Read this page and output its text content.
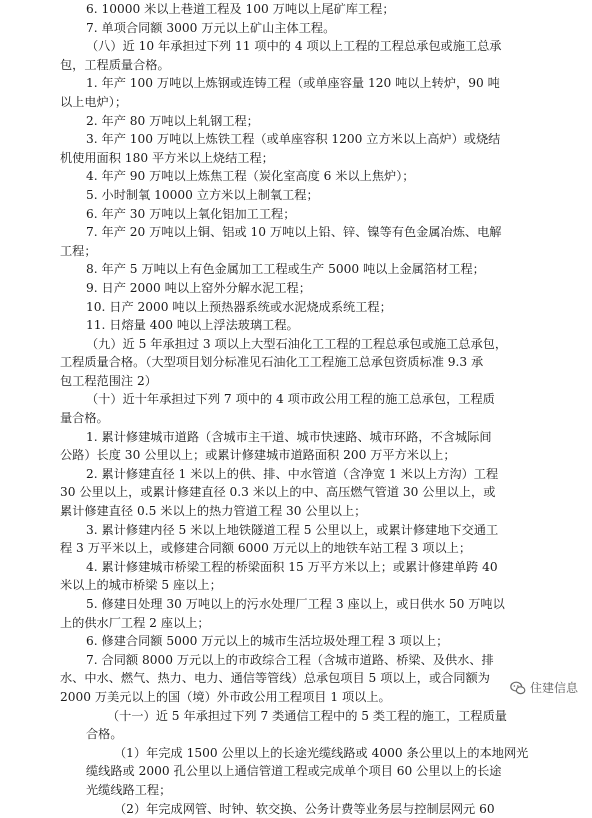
6. 10000 米以上巷道工程及 100 万吨以上尾矿库工程；
7. 单项合同额 3000 万元以上矿山主体工程。
（八）近 10 年承担过下列 11 项中的 4 项以上工程的工程总承包或施工总承
包，工程质量合格。
1. 年产 100 万吨以上炼钢或连铸工程（或单座容量 120 吨以上转炉，90 吨
以上电炉）；
2. 年产 80 万吨以上轧钢工程；
3. 年产 100 万吨以上炼铁工程（或单座容积 1200 立方米以上高炉）或烧结
机使用面积 180 平方米以上烧结工程；
4. 年产 90 万吨以上炼焦工程（炭化室高度 6 米以上焦炉）；
5. 小时制氧 10000 立方米以上制氧工程；
6. 年产 30 万吨以上氧化铝加工工程；
7. 年产 20 万吨以上铜、铝或 10 万吨以上铅、锌、镍等有色金属冶炼、电解
工程；
8. 年产 5 万吨以上有色金属加工工程或生产 5000 吨以上金属箔材工程；
9. 日产 2000 吨以上窑外分解水泥工程；
10. 日产 2000 吨以上预热器系统或水泥烧成系统工程；
11. 日熔量 400 吨以上浮法玻璃工程。
（九）近 5 年承担过 3 项以上大型石油化工工程的工程总承包或施工总承包，
工程质量合格。（大型项目划分标准见石油化工工程施工总承包资质标准 9.3 承
包工程范围注 2）
（十）近十年承担过下列 7 项中的 4 项市政公用工程的施工总承包，工程质
量合格。
1. 累计修建城市道路（含城市主干道、城市快速路、城市环路，不含城际间
公路）长度 30 公里以上；或累计修建城市道路面积 200 万平方米以上；
2. 累计修建直径 1 米以上的供、排、中水管道（含净宽 1 米以上方沟）工程
30 公里以上，或累计修建直径 0.3 米以上的中、高压燃气管道 30 公里以上，或
累计修建直径 0.5 米以上的热力管道工程 30 公里以上；
3. 累计修建内径 5 米以上地铁隧道工程 5 公里以上，或累计修建地下交通工
程 3 万平米以上，或修建合同额 6000 万元以上的地铁车站工程 3 项以上；
4. 累计修建城市桥梁工程的桥梁面积 15 万平方米以上；或累计修建单跨 40
米以上的城市桥梁 5 座以上；
5. 修建日处理 30 万吨以上的污水处理厂工程 3 座以上，或日供水 50 万吨以
上的供水厂工程 2 座以上；
6. 修建合同额 5000 万元以上的城市生活垃圾处理工程 3 项以上；
7. 合同额 8000 万元以上的市政综合工程（含城市道路、桥梁、及供水、排
水、中水、燃气、热力、电力、通信等管线）总承包项目 5 项以上，或合同额为
2000 万美元以上的国（境）外市政公用工程项目 1 项以上。
（十一）近 5 年承担过下列 7 类通信工程中的 5 类工程的施工，工程质量
合格。
（1）年完成 1500 公里以上的长途光缆线路或 4000 条公里以上的本地网光
缆线路或 2000 孔公里以上通信管道工程或完成单个项目 60 公里以上的长途
光缆线路工程；
（2）年完成网管、时钟、软交换、公务计费等业务层与控制层网元 60
住建信息
